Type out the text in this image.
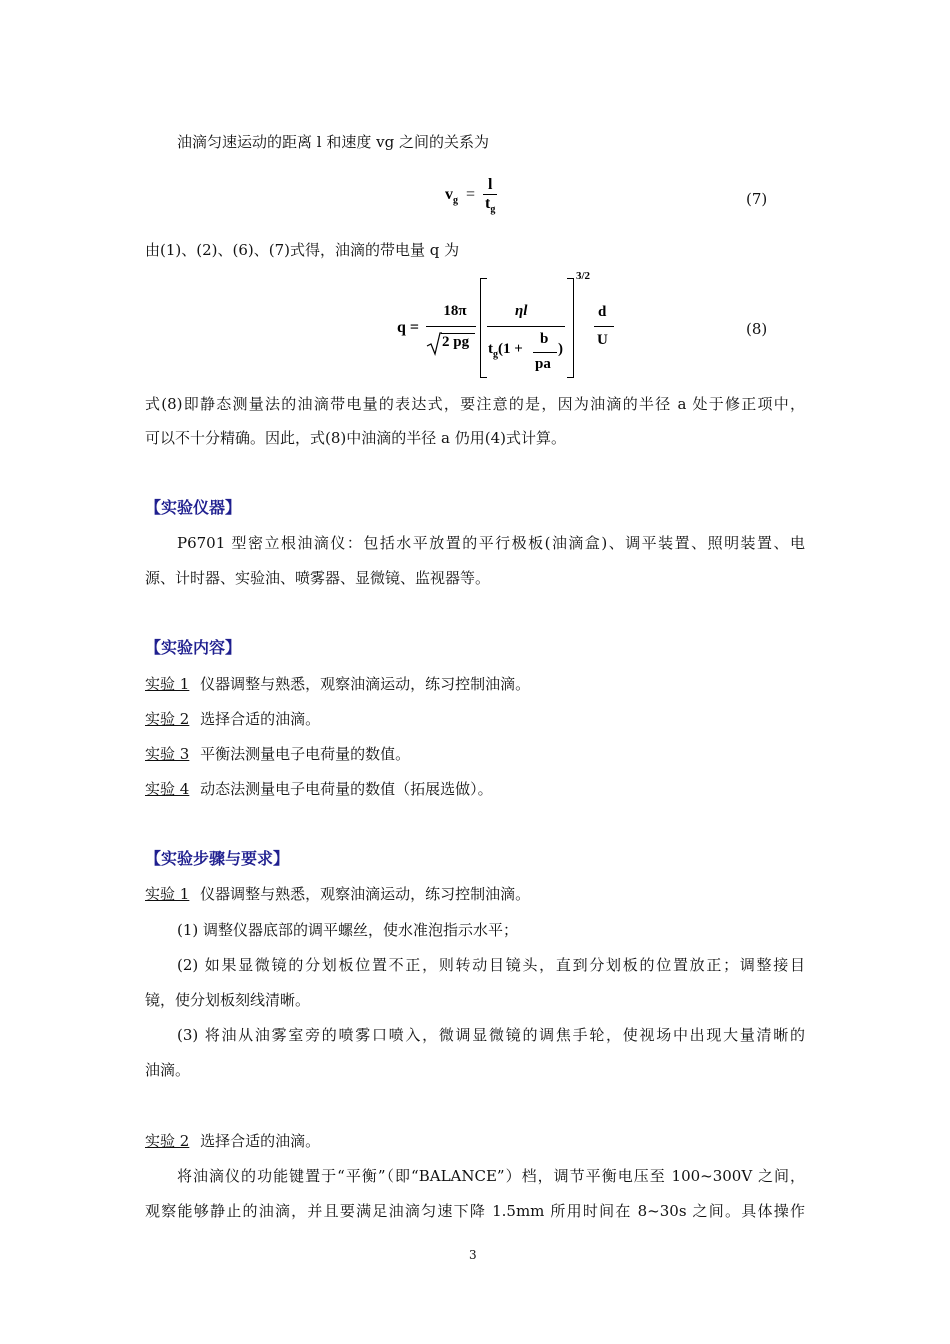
油滴匀速运动的距离 l 和速度 vg 之间的关系为
$v_g = \frac{l}{t_g}$	(7)
由(1)、(2)、(6)、(7)式得，油滴的带电量 q 为
q =
18π
2 pg
ηl
$t_g(1$ +
b
pa
)
3/2
d
U
(8)
式(8)即静态测量法的油滴带电量的表达式，要注意的是，因为油滴的半径 a 处于修正项中，
可以不十分精确。因此，式(8)中油滴的半径 a 仍用(4)式计算。
【实验仪器】
P6701 型密立根油滴仪：包括水平放置的平行极板(油滴盒)、调平装置、照明装置、电
源、计时器、实验油、喷雾器、显微镜、监视器等。
【实验内容】
实验 1 仪器调整与熟悉，观察油滴运动，练习控制油滴。
实验 2 选择合适的油滴。
实验 3 平衡法测量电子电荷量的数值。
实验 4 动态法测量电子电荷量的数值（拓展选做）。
【实验步骤与要求】
实验 1 仪器调整与熟悉，观察油滴运动，练习控制油滴。
(1) 调整仪器底部的调平螺丝，使水准泡指示水平；
(2) 如果显微镜的分划板位置不正，则转动目镜头，直到分划板的位置放正；调整接目
镜，使分划板刻线清晰。
(3) 将油从油雾室旁的喷雾口喷入，微调显微镜的调焦手轮，使视场中出现大量清晰的
油滴。
实验 2 选择合适的油滴。
将油滴仪的功能键置于“平衡”（即“BALANCE”）档，调节平衡电压至 100~300V 之间，
观察能够静止的油滴，并且要满足油滴匀速下降 1.5mm 所用时间在 8~30s 之间。具体操作
3
